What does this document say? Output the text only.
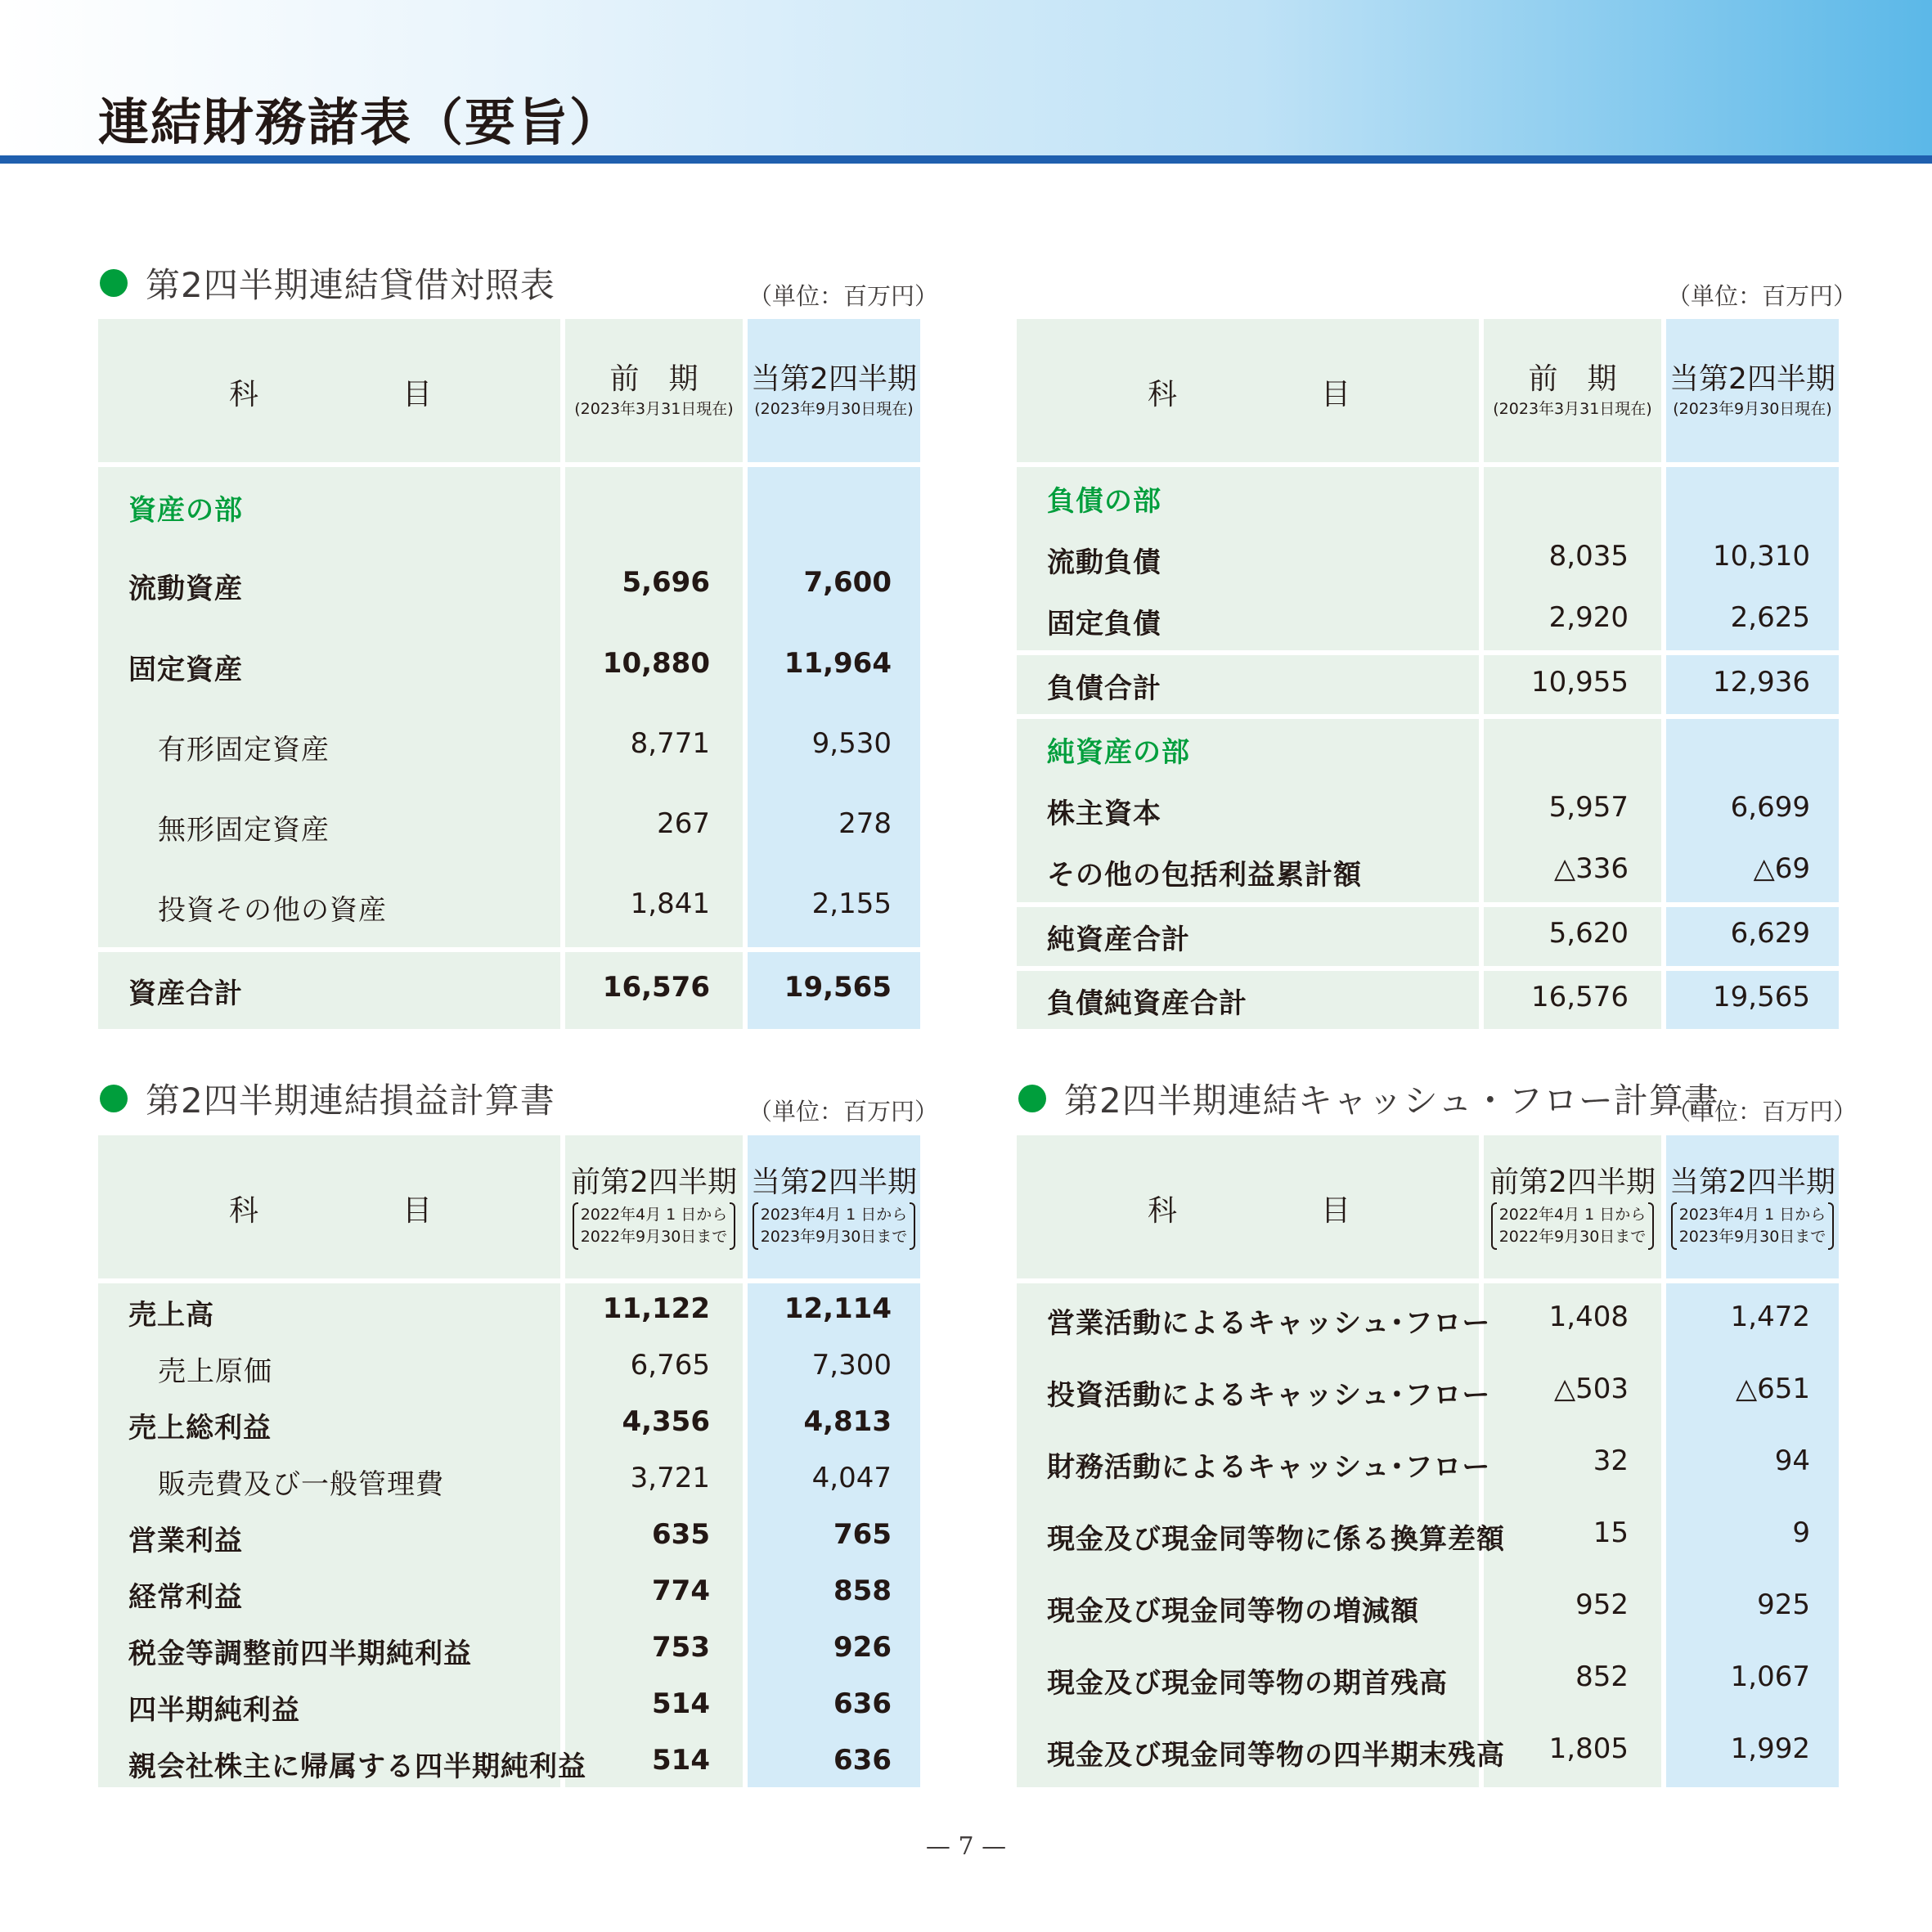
連結財務諸表（要旨）
第2四半期連結貸借対照表	（単位：百万円）
科	目	前　期
(2023年3月31日現在)
当第2四半期
(2023年9月30日現在)
資産の部
流動資産	5,696	7,600
固定資産	10,880	11,964
有形固定資産	8,771	9,530
無形固定資産	267	278
投資その他の資産	1,841	2,155
資産合計	16,576	19,565
（単位：百万円）
科	目	前　期
(2023年3月31日現在)
当第2四半期
(2023年9月30日現在)
負債の部
流動負債	8,035	10,310
固定負債	2,920	2,625
負債合計	10,955	12,936
純資産の部
株主資本	5,957	6,699
その他の包括利益累計額	△336	△69
純資産合計	5,620	6,629
負債純資産合計	16,576	19,565
第2四半期連結損益計算書	（単位：百万円）
科	目
前第2四半期
2022年4月 1 日から
2022年9月30日まで
当第2四半期
2023年4月 1 日から
2023年9月30日まで
売上高	11,122	12,114
売上原価	6,765	7,300
売上総利益	4,356	4,813
販売費及び一般管理費	3,721	4,047
営業利益	635	765
経常利益	774	858
税金等調整前四半期純利益	753	926
四半期純利益	514	636
親会社株主に帰属する四半期純利益 514	636
第2四半期連結キャッシュ・フロー計算書
（単位：百万円）
科	目
前第2四半期
2022年4月 1 日から
2022年9月30日まで
当第2四半期
2023年4月 1 日から
2023年9月30日まで
営業活動によるキャッシュ･フロー 1,408	1,472
投資活動によるキャッシュ･フロー △503	△651
財務活動によるキャッシュ･フロー	32	94
現金及び現金同等物に係る換算差額	15	9
現金及び現金同等物の増減額	952	925
現金及び現金同等物の期首残高	852	1,067
現金及び現金同等物の四半期末残高 1,805	1,992
— 7 —
